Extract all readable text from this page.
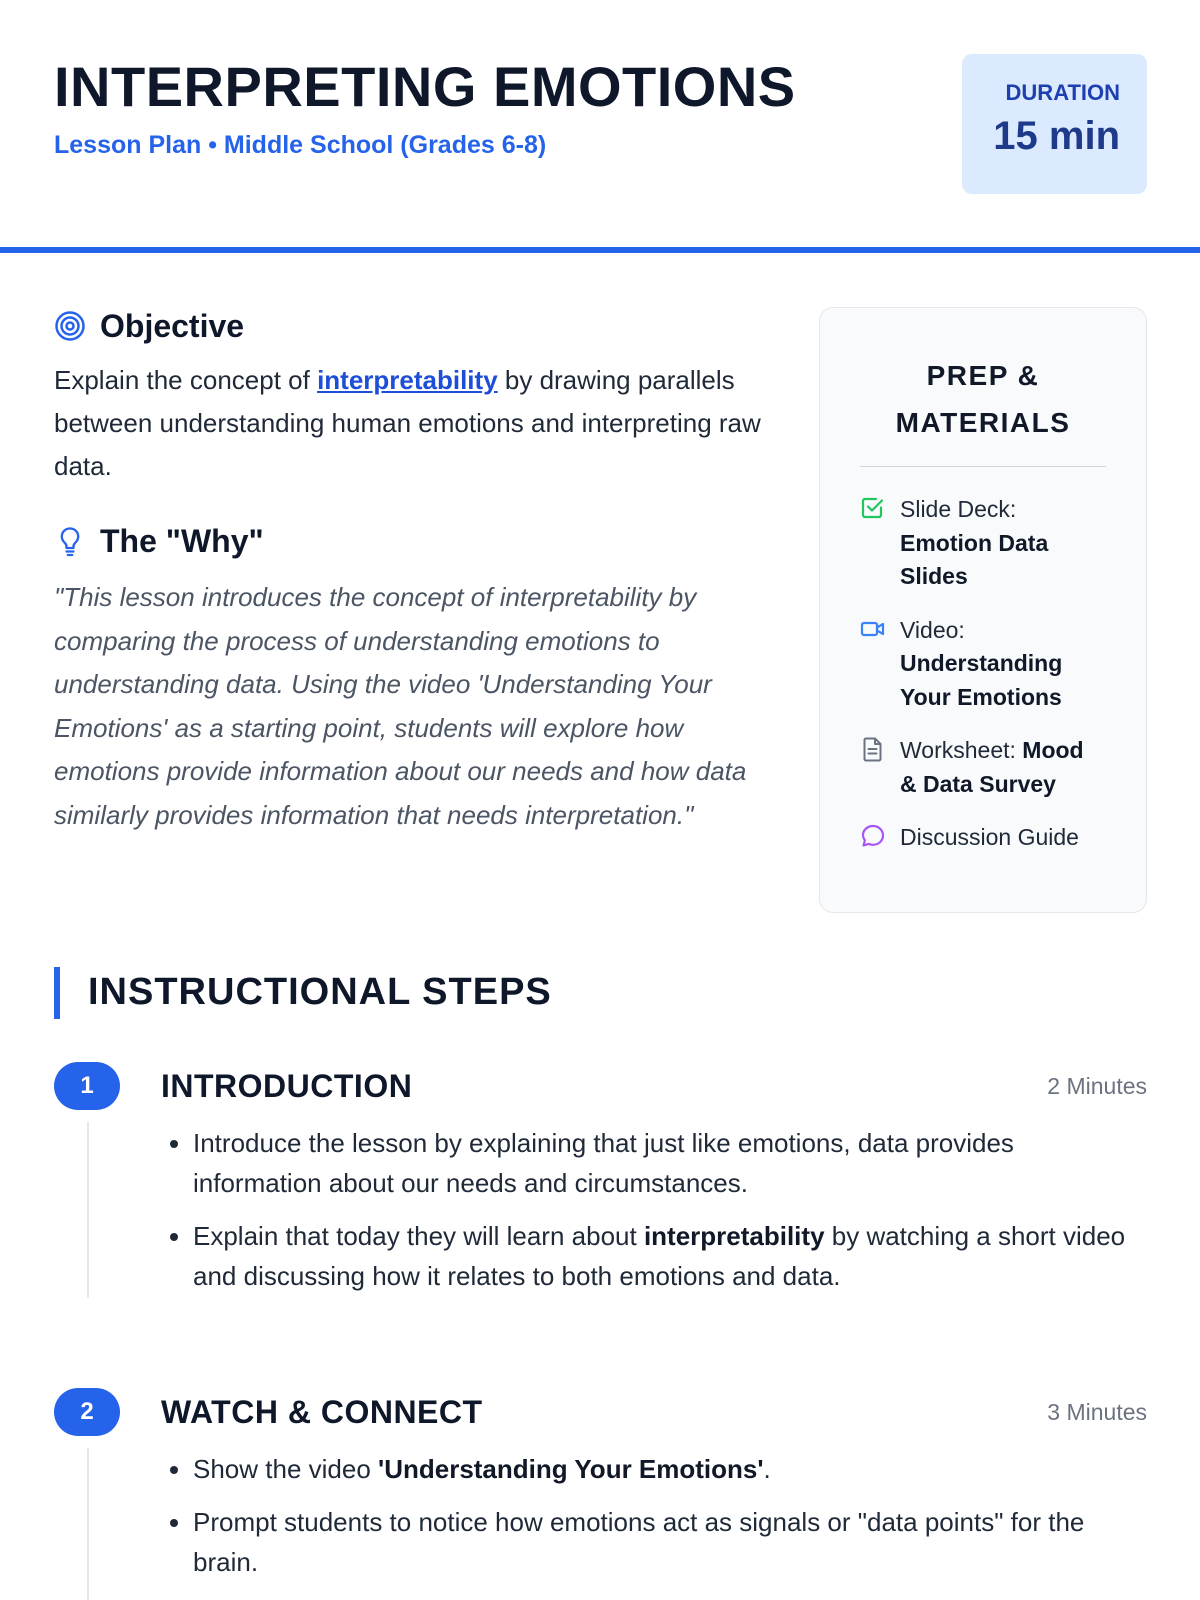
INTERPRETING EMOTIONS
Lesson Plan • Middle School (Grades 6-8)
DURATION
15 min
Objective

Explain the concept of interpretability by drawing parallels between understanding human emotions and interpreting raw data.

The "Why"

"This lesson introduces the concept of interpretability by comparing the process of understanding emotions to understanding data. Using the video 'Understanding Your Emotions' as a starting point, students will explore how emotions provide information about our needs and how data similarly provides information that needs interpretation."

PREP & MATERIALS
Slide Deck:
Emotion Data Slides
Video:
Understanding Your Emotions
Worksheet: Mood & Data Survey
Discussion Guide
INSTRUCTIONAL STEPS
1	INTRODUCTION	2 Minutes
• Introduce the lesson by explaining that just like emotions, data provides information about our needs and circumstances.
• Explain that today they will learn about interpretability by watching a short video and discussing how it relates to both emotions and data.
2	WATCH & CONNECT	3 Minutes
• Show the video 'Understanding Your Emotions'.
• Prompt students to notice how emotions act as signals or "data points" for the brain.
